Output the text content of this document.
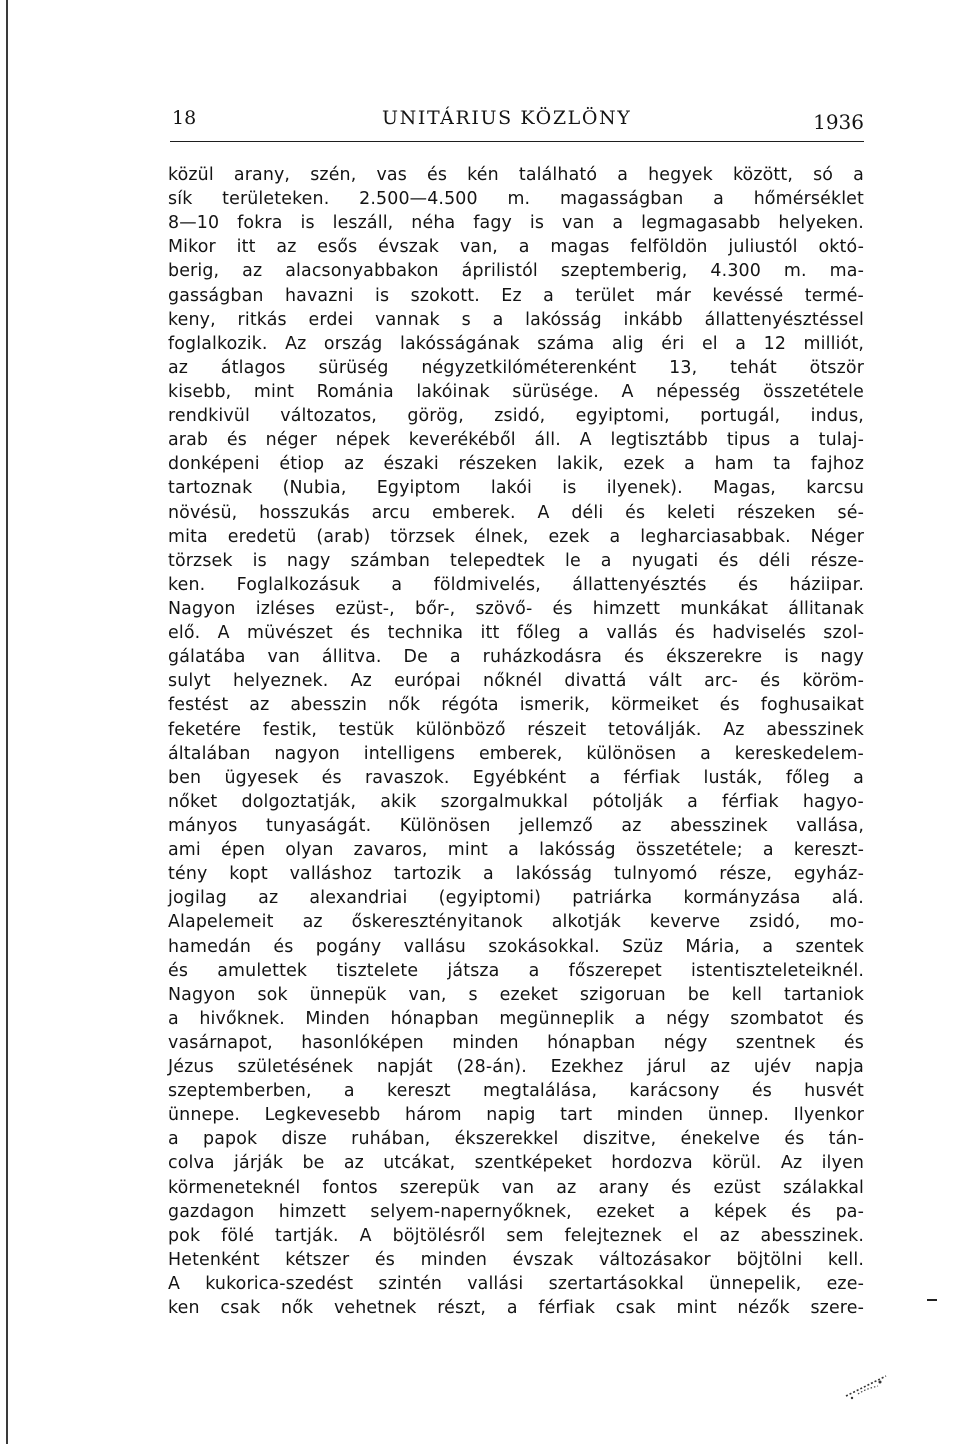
18	UNITÁRIUS KÖZLÖNY	1936
közül arany, szén, vas és kén található a hegyek között, só a
sík területeken. 2.500—4.500 m. magasságban a hőmérséklet
8—10 fokra is leszáll, néha fagy is van a legmagasabb helyeken.
Mikor itt az esős évszak van, a magas felföldön juliustól októ-
berig, az alacsonyabbakon áprilistól szeptemberig, 4.300 m. ma-
gasságban havazni is szokott. Ez a terület már kevéssé termé-
keny, ritkás erdei vannak s a lakósság inkább állattenyésztéssel
foglalkozik. Az ország lakósságának száma alig éri el a 12 milliót,
az átlagos sürüség négyzetkilóméterenként 13, tehát ötször
kisebb, mint Románia lakóinak sürüsége. A népesség összetétele
rendkivül változatos, görög, zsidó, egyiptomi, portugál, indus,
arab és néger népek keverékéből áll. A legtisztább tipus a tulaj-
donképeni étiop az északi részeken lakik, ezek a ham ta fajhoz
tartoznak (Nubia, Egyiptom lakói is ilyenek). Magas, karcsu
növésü, hosszukás arcu emberek. A déli és keleti részeken sé-
mita eredetü (arab) törzsek élnek, ezek a legharciasabbak. Néger
törzsek is nagy számban telepedtek le a nyugati és déli része-
ken. Foglalkozásuk a földmivelés, állattenyésztés és háziipar.
Nagyon izléses ezüst-, bőr-, szövő- és himzett munkákat állitanak
elő. A müvészet és technika itt főleg a vallás és hadviselés szol-
gálatába van állitva. De a ruházkodásra és ékszerekre is nagy
sulyt helyeznek. Az európai nőknél divattá vált arc- és köröm-
festést az abesszin nők régóta ismerik, körmeiket és foghusaikat
feketére festik, testük különböző részeit tetoválják. Az abesszinek
általában nagyon intelligens emberek, különösen a kereskedelem-
ben ügyesek és ravaszok. Egyébként a férfiak lusták, főleg a
nőket dolgoztatják, akik szorgalmukkal pótolják a férfiak hagyo-
mányos tunyaságát. Különösen jellemző az abesszinek vallása,
ami épen olyan zavaros, mint a lakósság összetétele; a kereszt-
tény kopt valláshoz tartozik a lakósság tulnyomó része, egyház-
jogilag az alexandriai (egyiptomi) patriárka kormányzása alá.
Alapelemeit az őskeresztényitanok alkotják keverve zsidó, mo-
hamedán és pogány vallásu szokásokkal. Szüz Mária, a szentek
és amulettek tisztelete játsza a főszerepet istentiszteleteiknél.
Nagyon sok ünnepük van, s ezeket szigoruan be kell tartaniok
a hivőknek. Minden hónapban megünneplik a négy szombatot és
vasárnapot, hasonlóképen minden hónapban négy szentnek és
Jézus születésének napját (28-án). Ezekhez járul az ujév napja
szeptemberben, a kereszt megtalálása, karácsony és husvét
ünnepe. Legkevesebb három napig tart minden ünnep. Ilyenkor
a papok disze ruhában, ékszerekkel diszitve, énekelve és tán-
colva járják be az utcákat, szentképeket hordozva körül. Az ilyen
körmeneteknél fontos szerepük van az arany és ezüst szálakkal
gazdagon himzett selyem-napernyőknek, ezeket a képek és pa-
pok fölé tartják. A böjtölésről sem felejteznek el az abesszinek.
Hetenként kétszer és minden évszak változásakor böjtölni kell.
A kukorica-szedést szintén vallási szertartásokkal ünnepelik, eze-
ken csak nők vehetnek részt, a férfiak csak mint nézők szere-
